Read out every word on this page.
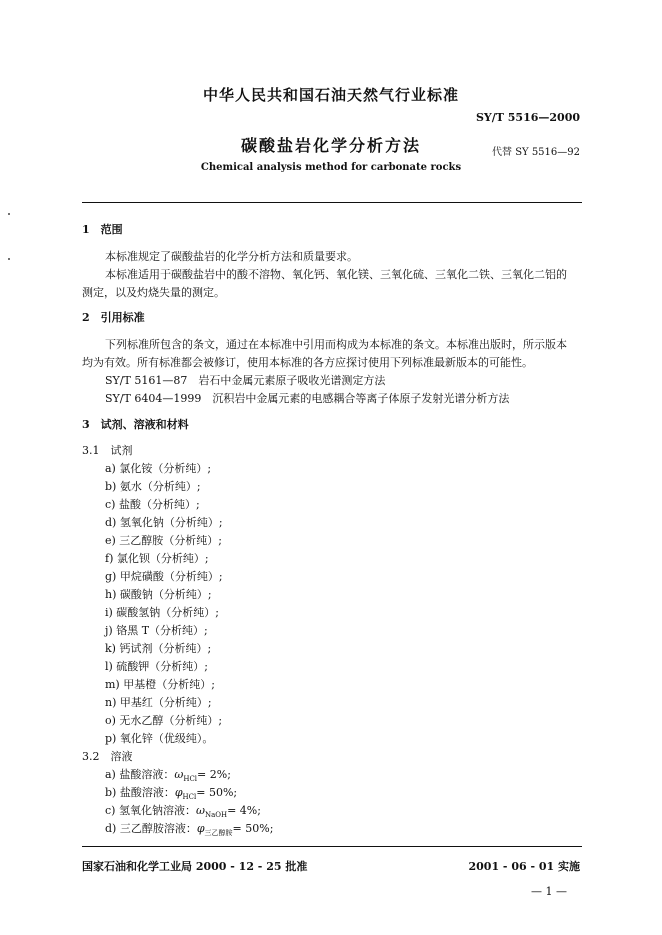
中华人民共和国石油天然气行业标准
SY/T 5516—2000
碳酸盐岩化学分析方法	代替 SY 5516—92
Chemical analysis method for carbonate rocks
1　范围
本标准规定了碳酸盐岩的化学分析方法和质量要求。
本标准适用于碳酸盐岩中的酸不溶物、氧化钙、氧化镁、三氧化硫、三氧化二铁、三氧化二铝的
测定，以及灼烧失量的测定。
2　引用标准
下列标准所包含的条文，通过在本标准中引用而构成为本标准的条文。本标准出版时，所示版本
均为有效。所有标准都会被修订，使用本标准的各方应探讨使用下列标准最新版本的可能性。
SY/T 5161—87　岩石中金属元素原子吸收光谱测定方法
SY/T 6404—1999　沉积岩中金属元素的电感耦合等离子体原子发射光谱分析方法
3　试剂、溶液和材料
3.1　试剂
a) 氯化铵（分析纯）;
b) 氨水（分析纯）;
c) 盐酸（分析纯）;
d) 氢氧化钠（分析纯）;
e) 三乙醇胺（分析纯）;
f) 氯化钡（分析纯）;
g) 甲烷磺酸（分析纯）;
h) 碳酸钠（分析纯）;
i) 碳酸氢钠（分析纯）;
j) 铬黑 T（分析纯）;
k) 钙试剂（分析纯）;
l) 硫酸钾（分析纯）;
m) 甲基橙（分析纯）;
n) 甲基红（分析纯）;
o) 无水乙醇（分析纯）;
p) 氧化锌（优级纯）。
3.2　溶液
a) 盐酸溶液：$\omega_{HCl}= 2\%$;
b) 盐酸溶液：$\varphi_{HCl}= 50\%$;
c) 氢氧化钠溶液：$\omega_{NaOH}= 4\%$;
d) 三乙醇胺溶液：$\varphi_{三乙醇胺}= 50\%$;
国家石油和化学工业局 2000 - 12 - 25 批准	2001 - 06 - 01 实施
— 1 —
